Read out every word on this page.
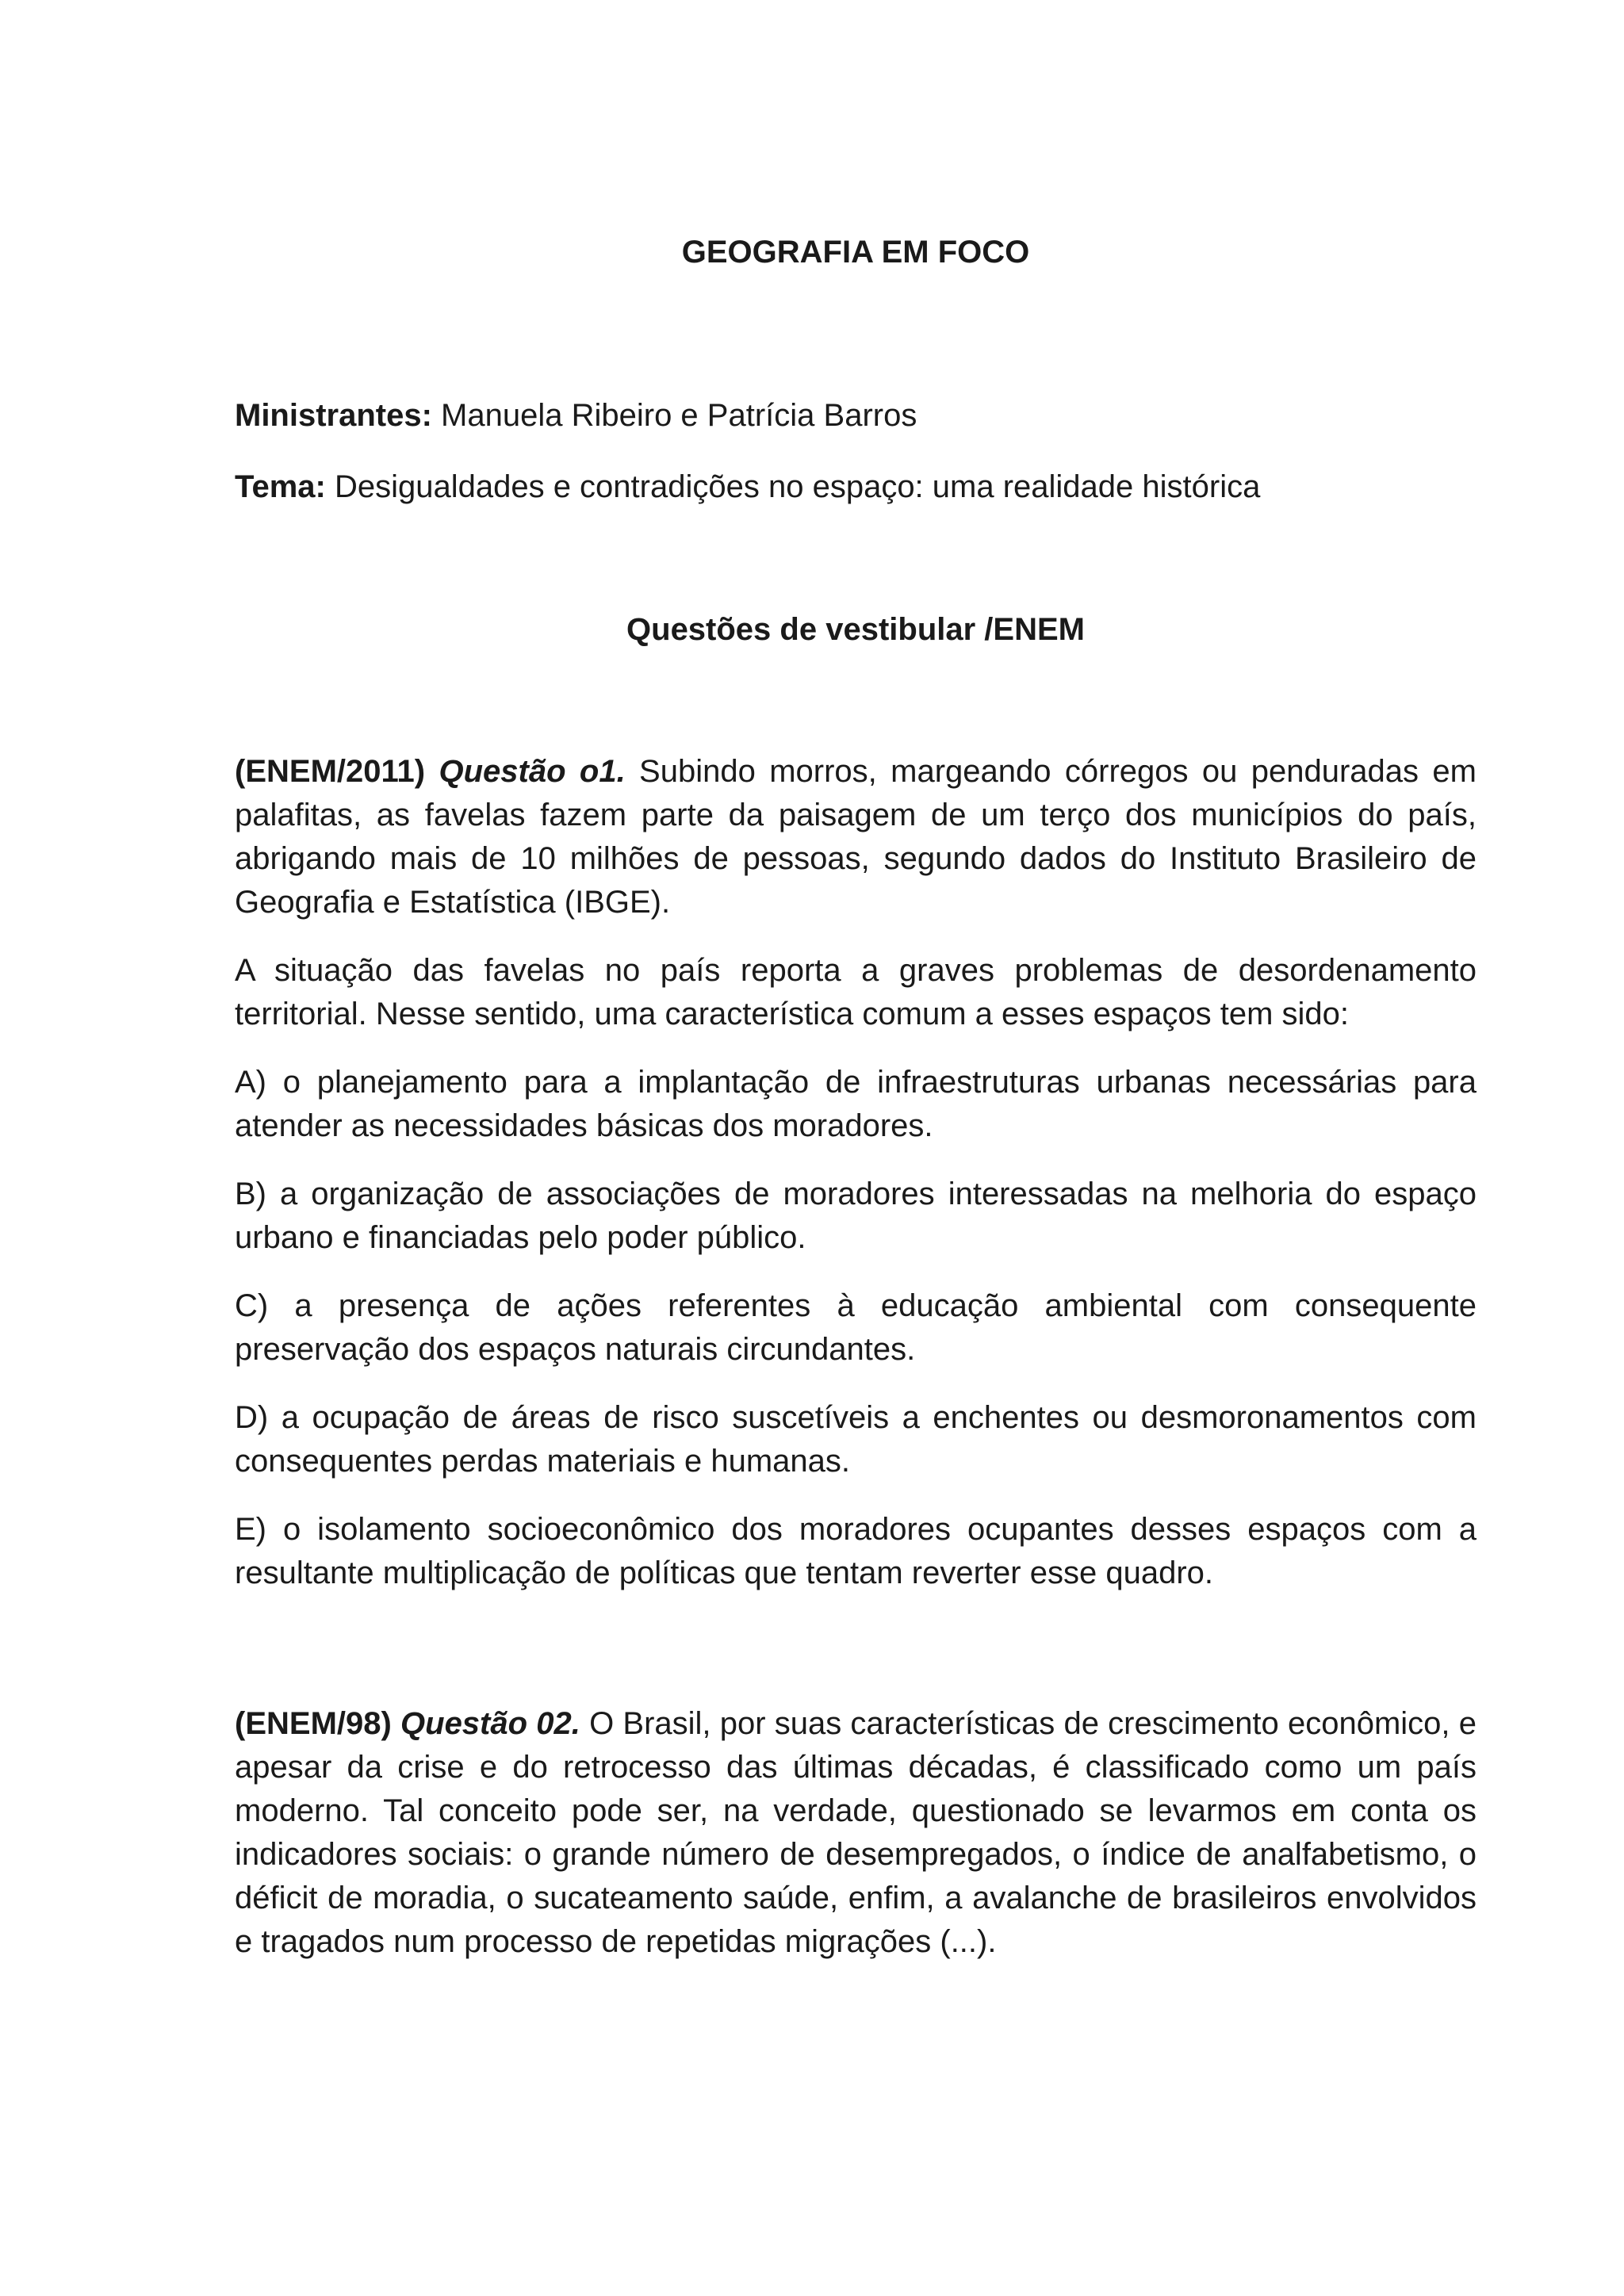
GEOGRAFIA EM FOCO

Ministrantes: Manuela Ribeiro e Patrícia Barros

Tema: Desigualdades e contradições no espaço: uma realidade histórica

Questões de vestibular /ENEM

(ENEM/2011) Questão o1. Subindo morros, margeando córregos ou penduradas em palafitas, as favelas fazem parte da paisagem de um terço dos municípios do país, abrigando mais de 10 milhões de pessoas, segundo dados do Instituto Brasileiro de Geografia e Estatística (IBGE).

A situação das favelas no país reporta a graves problemas de desordenamento territorial. Nesse sentido, uma característica comum a esses espaços tem sido:

A) o planejamento para a implantação de infraestruturas urbanas necessárias para atender as necessidades básicas dos moradores.

B) a organização de associações de moradores interessadas na melhoria do espaço urbano e financiadas pelo poder público.

C) a presença de ações referentes à educação ambiental com consequente preservação dos espaços naturais circundantes.

D) a ocupação de áreas de risco suscetíveis a enchentes ou desmoronamentos com consequentes perdas materiais e humanas.

E) o isolamento socioeconômico dos moradores ocupantes desses espaços com a resultante multiplicação de políticas que tentam reverter esse quadro.

(ENEM/98) Questão 02. O Brasil, por suas características de crescimento econômico, e apesar da crise e do retrocesso das últimas décadas, é classificado como um país moderno. Tal conceito pode ser, na verdade, questionado se levarmos em conta os indicadores sociais: o grande número de desempregados, o índice de analfabetismo, o déficit de moradia, o sucateamento saúde, enfim, a avalanche de brasileiros envolvidos e tragados num processo de repetidas migrações (...).
